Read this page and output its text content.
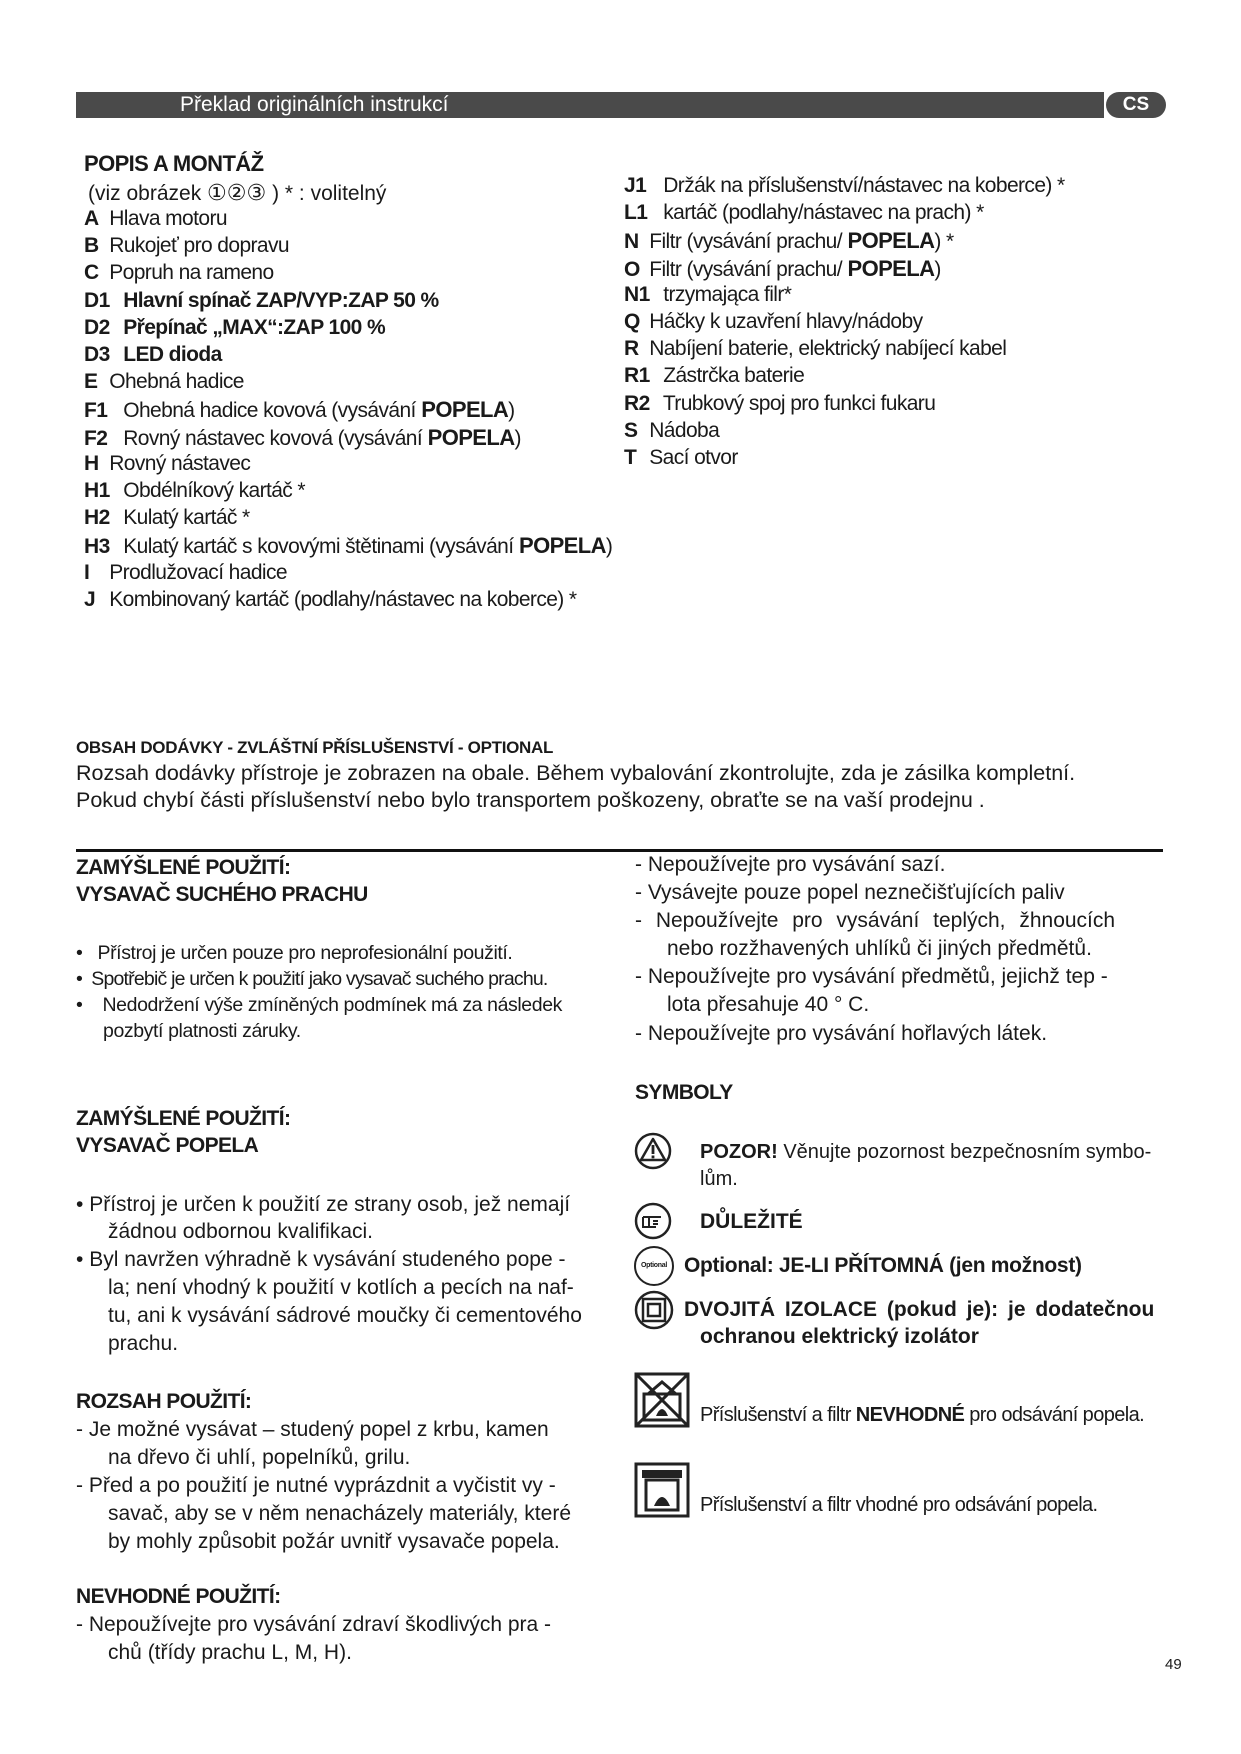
Překlad originálních instrukcí	CS
POPIS A MONTÁŽ
(viz obrázek ①②③ ) * : volitelný
A Hlava motoru
B Rukojeť pro dopravu
C Popruh na rameno
D1 Hlavní spínač ZAP/VYP:ZAP 50 %
D2 Přepínač „MAX“:ZAP 100 %
D3 LED dioda
E Ohebná hadice
F1 Ohebná hadice kovová (vysávání POPELA)
F2 Rovný nástavec kovová (vysávání POPELA)
H Rovný nástavec
H1 Obdélníkový kartáč *
H2 Kulatý kartáč *
H3 Kulatý kartáč s kovovými štětinami (vysávání POPELA)
I Prodlužovací hadice
J Kombinovaný kartáč (podlahy/nástavec na koberce) *
J1 Držák na příslušenství/nástavec na koberce) *
L1 kartáč (podlahy/nástavec na prach) *
N Filtr (vysávání prachu/ POPELA) *
O Filtr (vysávání prachu/ POPELA)
N1 trzymająca filr*
Q Háčky k uzavření hlavy/nádoby
R Nabíjení baterie, elektrický nabíjecí kabel
R1 Zástrčka baterie
R2 Trubkový spoj pro funkci fukaru
S Nádoba
T Sací otvor
OBSAH DODÁVKY - ZVLÁŠTNÍ PŘÍSLUŠENSTVÍ - OPTIONAL
Rozsah dodávky přístroje je zobrazen na obale. Během vybalování zkontrolujte, zda je zásilka kompletní.
Pokud chybí části příslušenství nebo bylo transportem poškozeny, obraťte se na vaší prodejnu .
ZAMÝŠLENÉ POUŽITÍ:
VYSAVAČ SUCHÉHO PRACHU
•   Přístroj je určen pouze pro neprofesionální použití.
•  Spotřebič je určen k použití jako vysavač suchého prachu.
•    Nedodržení výše zmíněných podmínek má za následek
pozbytí platnosti záruky.
ZAMÝŠLENÉ POUŽITÍ:
VYSAVAČ POPELA
• Přístroj je určen k použití ze strany osob, jež nemají
žádnou odbornou kvalifikaci.
• Byl navržen výhradně k vysávání studeného pope -
la; není vhodný k použití v kotlích a pecích na naf-
tu, ani k vysávání sádrové moučky či cementového
prachu.
ROZSAH POUŽITÍ:
- Je možné vysávat – studený popel z krbu, kamen
na dřevo či uhlí, popelníků, grilu.
- Před a po použití je nutné vyprázdnit a vyčistit vy -
savač, aby se v něm nenacházely materiály, které
by mohly způsobit požár uvnitř vysavače popela.
NEVHODNÉ POUŽITÍ:
- Nepoužívejte pro vysávání zdraví škodlivých pra -
chů (třídy prachu L, M, H).
- Nepoužívejte pro vysávání sazí.
- Vysávejte pouze popel neznečišťujících paliv
- Nepoužívejte pro vysávání teplých, žhnoucích
nebo rozžhavených uhlíků či jiných předmětů.
- Nepoužívejte pro vysávání předmětů, jejichž tep -
lota přesahuje 40 ° C.
- Nepoužívejte pro vysávání hořlavých látek.
SYMBOLY
POZOR! Věnujte pozornost bezpečnosním symbo-
lům.
DŮLEŽITÉ
Optional Optional: JE-LI PŘÍTOMNÁ (jen možnost)
DVOJITÁ IZOLACE (pokud je): je dodatečnou
ochranou elektrický izolátor
Příslušenství a filtr NEVHODNÉ pro odsávání popela.
Příslušenství a filtr vhodné pro odsávání popela.
49
